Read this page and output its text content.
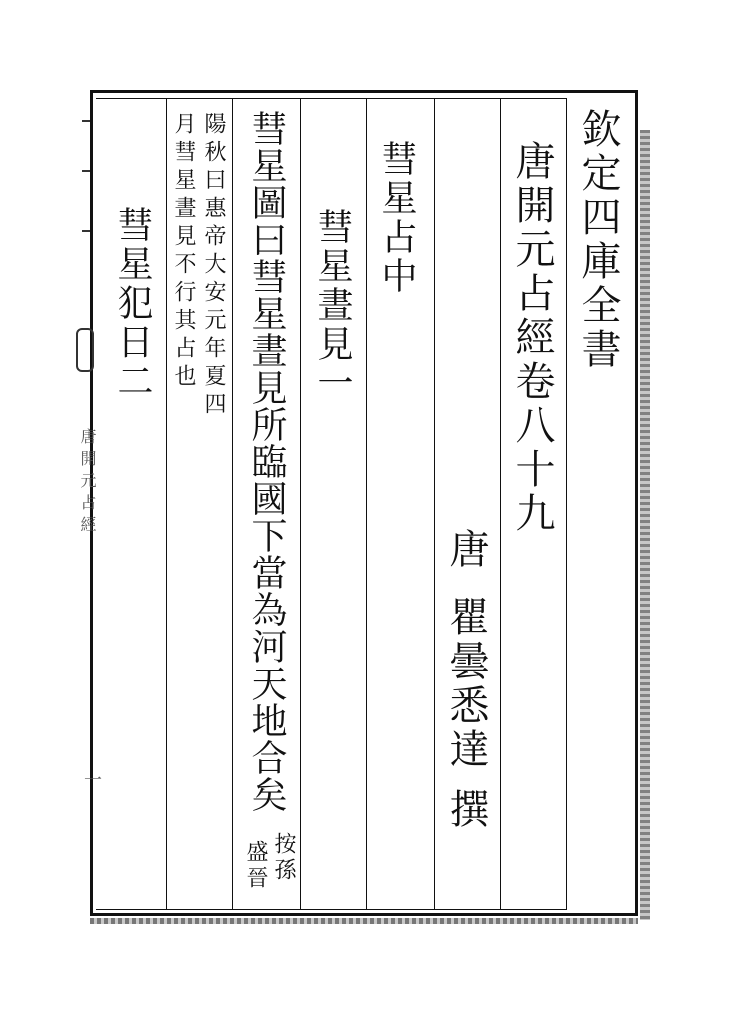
欽定四庫全書
唐開元占經卷八十九
唐
瞿曇悉達
撰
彗星占中
彗星晝見一
彗星圖曰彗星晝見所臨國下當為河天地合矣
按孫
盛晉
陽秋曰惠帝大安元年夏四
月彗星晝見不行其占也
彗星犯日二
唐開元占經
一
